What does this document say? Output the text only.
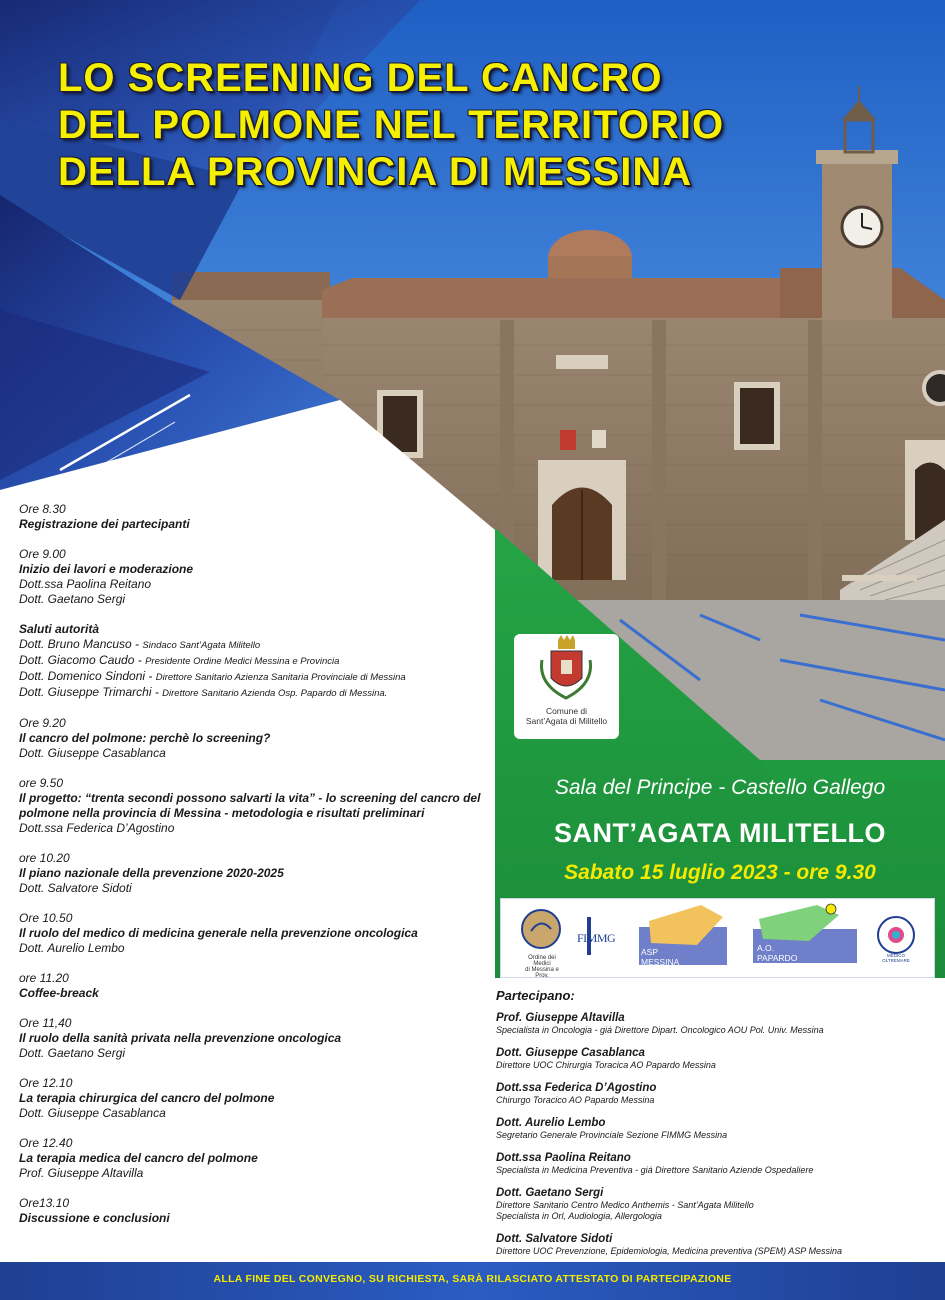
LO SCREENING DEL CANCRO
DEL POLMONE NEL TERRITORIO
DELLA PROVINCIA DI MESSINA
Ore 8.30
Registrazione dei partecipanti
Ore 9.00
Inizio dei lavori e moderazione
Dott.ssa Paolina Reitano
Dott. Gaetano Sergi
Saluti autorità
Dott. Bruno Mancuso - Sindaco Sant’Agata Militello
Dott. Giacomo Caudo - Presidente Ordine Medici Messina e Provincia
Dott. Domenico Sindoni - Direttore Sanitario Azienza Sanitaria Provinciale di Messina
Dott. Giuseppe Trimarchi - Direttore Sanitario Azienda Osp. Papardo di Messina.
Ore 9.20
Il cancro del polmone: perchè lo screening?
Dott. Giuseppe Casablanca
ore 9.50
Il progetto: “trenta secondi possono salvarti la vita” - lo screening del cancro del polmone nella provincia di Messina - metodologia e risultati preliminari
Dott.ssa Federica D’Agostino
ore 10.20
Il piano nazionale della prevenzione 2020-2025
Dott. Salvatore Sidoti
Ore 10.50
Il ruolo del medico di medicina generale nella prevenzione oncologica
Dott. Aurelio Lembo
ore 11.20
Coffee-breack
Ore 11,40
Il ruolo della sanità privata nella prevenzione oncologica
Dott. Gaetano Sergi
Ore 12.10
La terapia chirurgica del cancro del polmone
Dott. Giuseppe Casablanca
Ore 12.40
La terapia medica del cancro del polmone
Prof. Giuseppe Altavilla
Ore13.10
Discussione e conclusioni
Comune di
Sant’Agata di Militello
Sala del Principe - Castello Gallego
SANT’AGATA MILITELLO
Sabato 15 luglio 2023 - ore 9.30
Ordine dei Medici
di Messina e Prov.
FIMMG
ASP
MESSINA
A.O.
PAPARDO	MEDICO OLTREMARE
Partecipano:
Prof. Giuseppe Altavilla
Specialista in Oncologia - giá Direttore Dipart. Oncologico AOU Pol. Univ. Messina
Dott. Giuseppe Casablanca
Direttore UOC Chirurgia Toracica AO Papardo Messina
Dott.ssa Federica D’Agostino
Chirurgo Toracico AO Papardo Messina
Dott. Aurelio Lembo
Segretario Generale Provinciale Sezione FIMMG Messina
Dott.ssa Paolina Reitano
Specialista in Medicina Preventiva - giá Direttore Sanitario Aziende Ospedaliere
Dott. Gaetano Sergi
Direttore Sanitario Centro Medico Anthemis - Sant’Agata Militello
Specialista in Orl, Audiologia, Allergologia
Dott. Salvatore Sidoti
Direttore UOC Prevenzione, Epidemiologia, Medicina preventiva (SPEM) ASP Messina
ALLA FINE DEL CONVEGNO, SU RICHIESTA, SARÀ RILASCIATO ATTESTATO DI PARTECIPAZIONE
